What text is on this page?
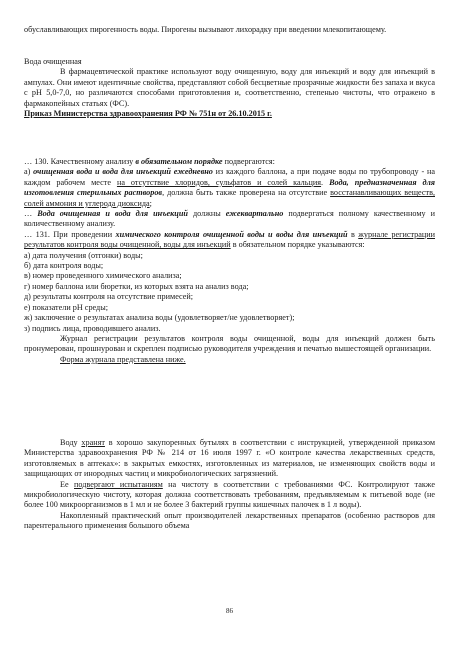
обуславливающих пирогенность воды. Пирогены вызывают лихорадку при введении млекопитающему.

Вода очищенная

В фармацевтической практике используют воду очищенную, воду для инъекций и воду для инъекций в ампулах. Они имеют идентичные свойства, представляют собой бесцветные прозрачные жидкости без запаха и вкуса с pH 5,0-7,0, но различаются способами приготовления и, соответственно, степенью чистоты, что отражено в фармакопейных статьях (ФС).

Приказ Министерства здравоохранения РФ № 751н от 26.10.2015 г.

… 130. Качественному анализу в обязательном порядке подвергаются:

а) очищенная вода и вода для инъекций ежедневно из каждого баллона, а при подаче воды по трубопроводу - на каждом рабочем месте на отсутствие хлоридов, сульфатов и солей кальция. Вода, предназначенная для изготовления стерильных растворов, должна быть также проверена на отсутствие восстанавливающих веществ, солей аммония и углерода диоксида;

… Вода очищенная и вода для инъекций должны ежеквартально подвергаться полному качественному и количественному анализу.

… 131. При проведении химического контроля очищенной воды и воды для инъекций в журнале регистрации результатов контроля воды очищенной, воды для инъекций в обязательном порядке указываются:

а) дата получения (отгонки) воды;

б) дата контроля воды;

в) номер проведенного химического анализа;

г) номер баллона или бюретки, из которых взята на анализ вода;

д) результаты контроля на отсутствие примесей;

е) показатели pH среды;

ж) заключение о результатах анализа воды (удовлетворяет/не удовлетворяет);

з) подпись лица, проводившего анализ.

Журнал регистрации результатов контроля воды очищенной, воды для инъекций должен быть пронумерован, прошнурован и скреплен подписью руководителя учреждения и печатью вышестоящей организации.

Форма журнала представлена ниже.

Воду хранят в хорошо закупоренных бутылях в соответствии с инструкцией, утвержденной приказом Министерства здравоохранения РФ № 214 от 16 июля 1997 г. «О контроле качества лекарственных средств, изготовляемых в аптеках»: в закрытых емкостях, изготовленных из материалов, не изменяющих свойств воды и защищающих от инородных частиц и микробиологических загрязнений.

Ее подвергают испытаниям на чистоту в соответствии с требованиями ФС. Контролируют также микробиологическую чистоту, которая должна соответствовать требованиям, предъявляемым к питьевой воде (не более 100 микроорганизмов в 1 мл и не более 3 бактерий группы кишечных палочек в 1 л воды).

Накопленный практический опыт производителей лекарственных препаратов (особенно растворов для парентерального применения большого объема

86
